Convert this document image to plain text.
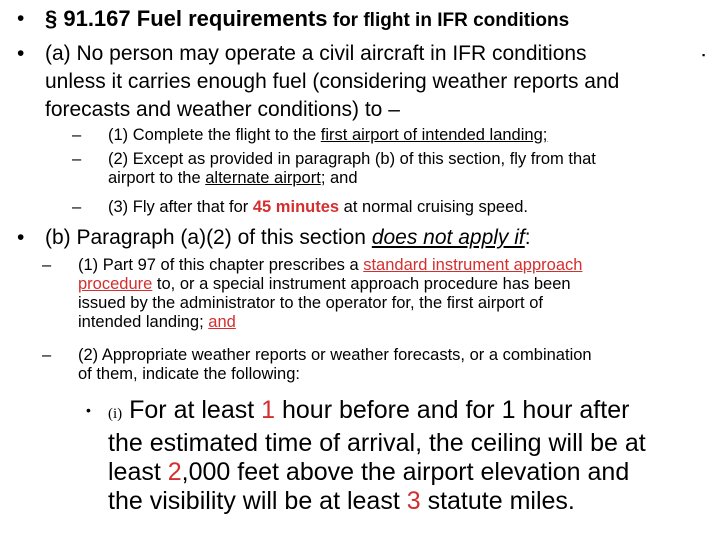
• § 91.167 Fuel requirements for flight in IFR conditions
• (a) No person may operate a civil aircraft in IFR conditions
unless it carries enough fuel (considering weather reports and
forecasts and weather conditions) to –
▪
– (1) Complete the flight to the first airport of intended landing;
– (2) Except as provided in paragraph (b) of this section, fly from that
airport to the alternate airport; and
– (3) Fly after that for 45 minutes at normal cruising speed.
• (b) Paragraph (a)(2) of this section does not apply if:
– (1) Part 97 of this chapter prescribes a standard instrument approach
procedure to, or a special instrument approach procedure has been
issued by the administrator to the operator for, the first airport of
intended landing; and
– (2) Appropriate weather reports or weather forecasts, or a combination
of them, indicate the following:
• (i) For at least 1 hour before and for 1 hour after
the estimated time of arrival, the ceiling will be at
least 2,000 feet above the airport elevation and
the visibility will be at least 3 statute miles.
